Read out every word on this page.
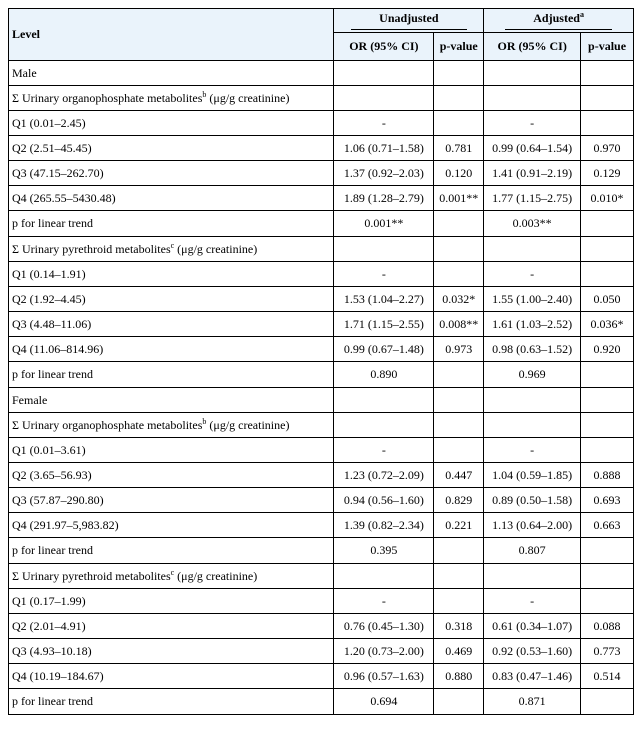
Level	Unadjusted		Adjusted$^a$
	OR (95% CI)	p-value	OR (95% CI)	p-value
Male				
Σ Urinary organophosphate metabolites$^b$ (μg/g creatinine)				
Q1 (0.01–2.45)	-		-	
Q2 (2.51–45.45)	1.06 (0.71–1.58)	0.781	0.99 (0.64–1.54)	0.970
Q3 (47.15–262.70)	1.37 (0.92–2.03)	0.120	1.41 (0.91–2.19)	0.129
Q4 (265.55–5430.48)	1.89 (1.28–2.79)	0.001**	1.77 (1.15–2.75)	0.010*
p for linear trend	0.001**		0.003**	
Σ Urinary pyrethroid metabolites$^c$ (μg/g creatinine)				
Q1 (0.14–1.91)	-		-	
Q2 (1.92–4.45)	1.53 (1.04–2.27)	0.032*	1.55 (1.00–2.40)	0.050
Q3 (4.48–11.06)	1.71 (1.15–2.55)	0.008**	1.61 (1.03–2.52)	0.036*
Q4 (11.06–814.96)	0.99 (0.67–1.48)	0.973	0.98 (0.63–1.52)	0.920
p for linear trend	0.890		0.969	
Female				
Σ Urinary organophosphate metabolites$^b$ (μg/g creatinine)				
Q1 (0.01–3.61)	-		-	
Q2 (3.65–56.93)	1.23 (0.72–2.09)	0.447	1.04 (0.59–1.85)	0.888
Q3 (57.87–290.80)	0.94 (0.56–1.60)	0.829	0.89 (0.50–1.58)	0.693
Q4 (291.97–5,983.82)	1.39 (0.82–2.34)	0.221	1.13 (0.64–2.00)	0.663
p for linear trend	0.395		0.807	
Σ Urinary pyrethroid metabolites$^c$ (μg/g creatinine)				
Q1 (0.17–1.99)	-		-	
Q2 (2.01–4.91)	0.76 (0.45–1.30)	0.318	0.61 (0.34–1.07)	0.088
Q3 (4.93–10.18)	1.20 (0.73–2.00)	0.469	0.92 (0.53–1.60)	0.773
Q4 (10.19–184.67)	0.96 (0.57–1.63)	0.880	0.83 (0.47–1.46)	0.514
p for linear trend	0.694		0.871	
